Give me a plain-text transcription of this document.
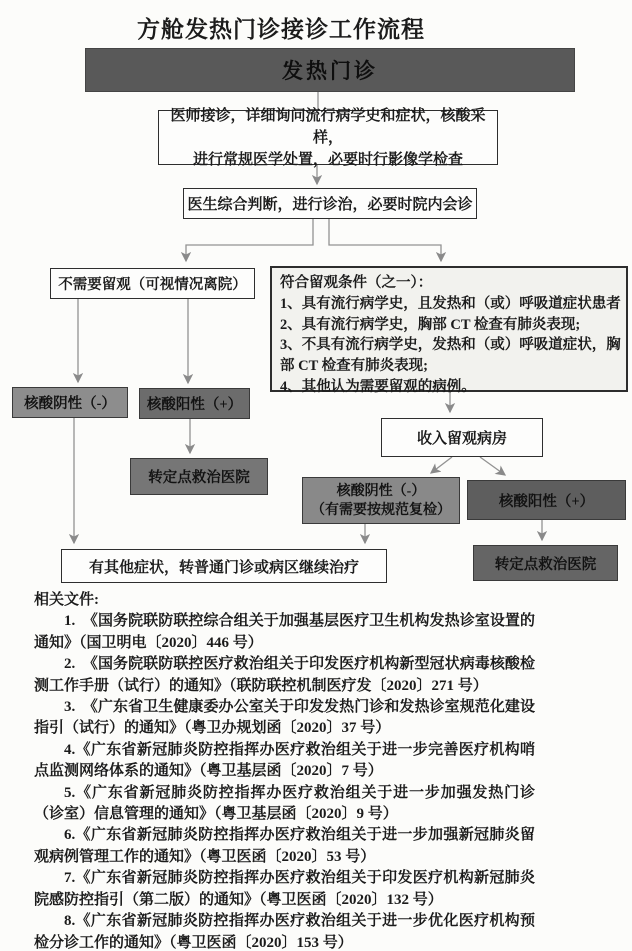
方舱发热门诊接诊工作流程
发热门诊
医师接诊，详细询问流行病学史和症状，核酸采样，
进行常规医学处置，必要时行影像学检查
医生综合判断，进行诊治，必要时院内会诊
不需要留观（可视情况离院）	符合留观条件（之一）：
1、具有流行病学史，且发热和（或）呼吸道症状患者
2、具有流行病学史，胸部 CT 检查有肺炎表现;
3、不具有流行病学史，发热和（或）呼吸道症状，胸
部 CT 检查有肺炎表现;
4、其他认为需要留观的病例。
核酸阴性（-）	核酸阳性（+）
转定点救治医院
收入留观病房
核酸阴性（-）
（有需要按规范复检）
核酸阳性（+）
转定点救治医院
有其他症状，转普通门诊或病区继续治疗
相关文件:

1.　《国务院联防联控综合组关于加强基层医疗卫生机构发热诊室设置的通知》（国卫明电〔2020〕446 号）

2.　《国务院联防联控医疗救治组关于印发医疗机构新型冠状病毒核酸检测工作手册（试行）的通知》（联防联控机制医疗发〔2020〕271 号）

3.　《广东省卫生健康委办公室关于印发发热门诊和发热诊室规范化建设指引（试行）的通知》（粤卫办规划函〔2020〕37 号）

4.《广东省新冠肺炎防控指挥办医疗救治组关于进一步完善医疗机构哨点监测网络体系的通知》（粤卫基层函〔2020〕7 号）

5.《广东省新冠肺炎防控指挥办医疗救治组关于进一步加强发热门诊（诊室）信息管理的通知》（粤卫基层函〔2020〕9 号）

6.《广东省新冠肺炎防控指挥办医疗救治组关于进一步加强新冠肺炎留观病例管理工作的通知》（粤卫医函〔2020〕53 号）

7.《广东省新冠肺炎防控指挥办医疗救治组关于印发医疗机构新冠肺炎院感防控指引（第二版）的通知》（粤卫医函〔2020〕132 号）

8.《广东省新冠肺炎防控指挥办医疗救治组关于进一步优化医疗机构预检分诊工作的通知》（粤卫医函〔2020〕153 号）
